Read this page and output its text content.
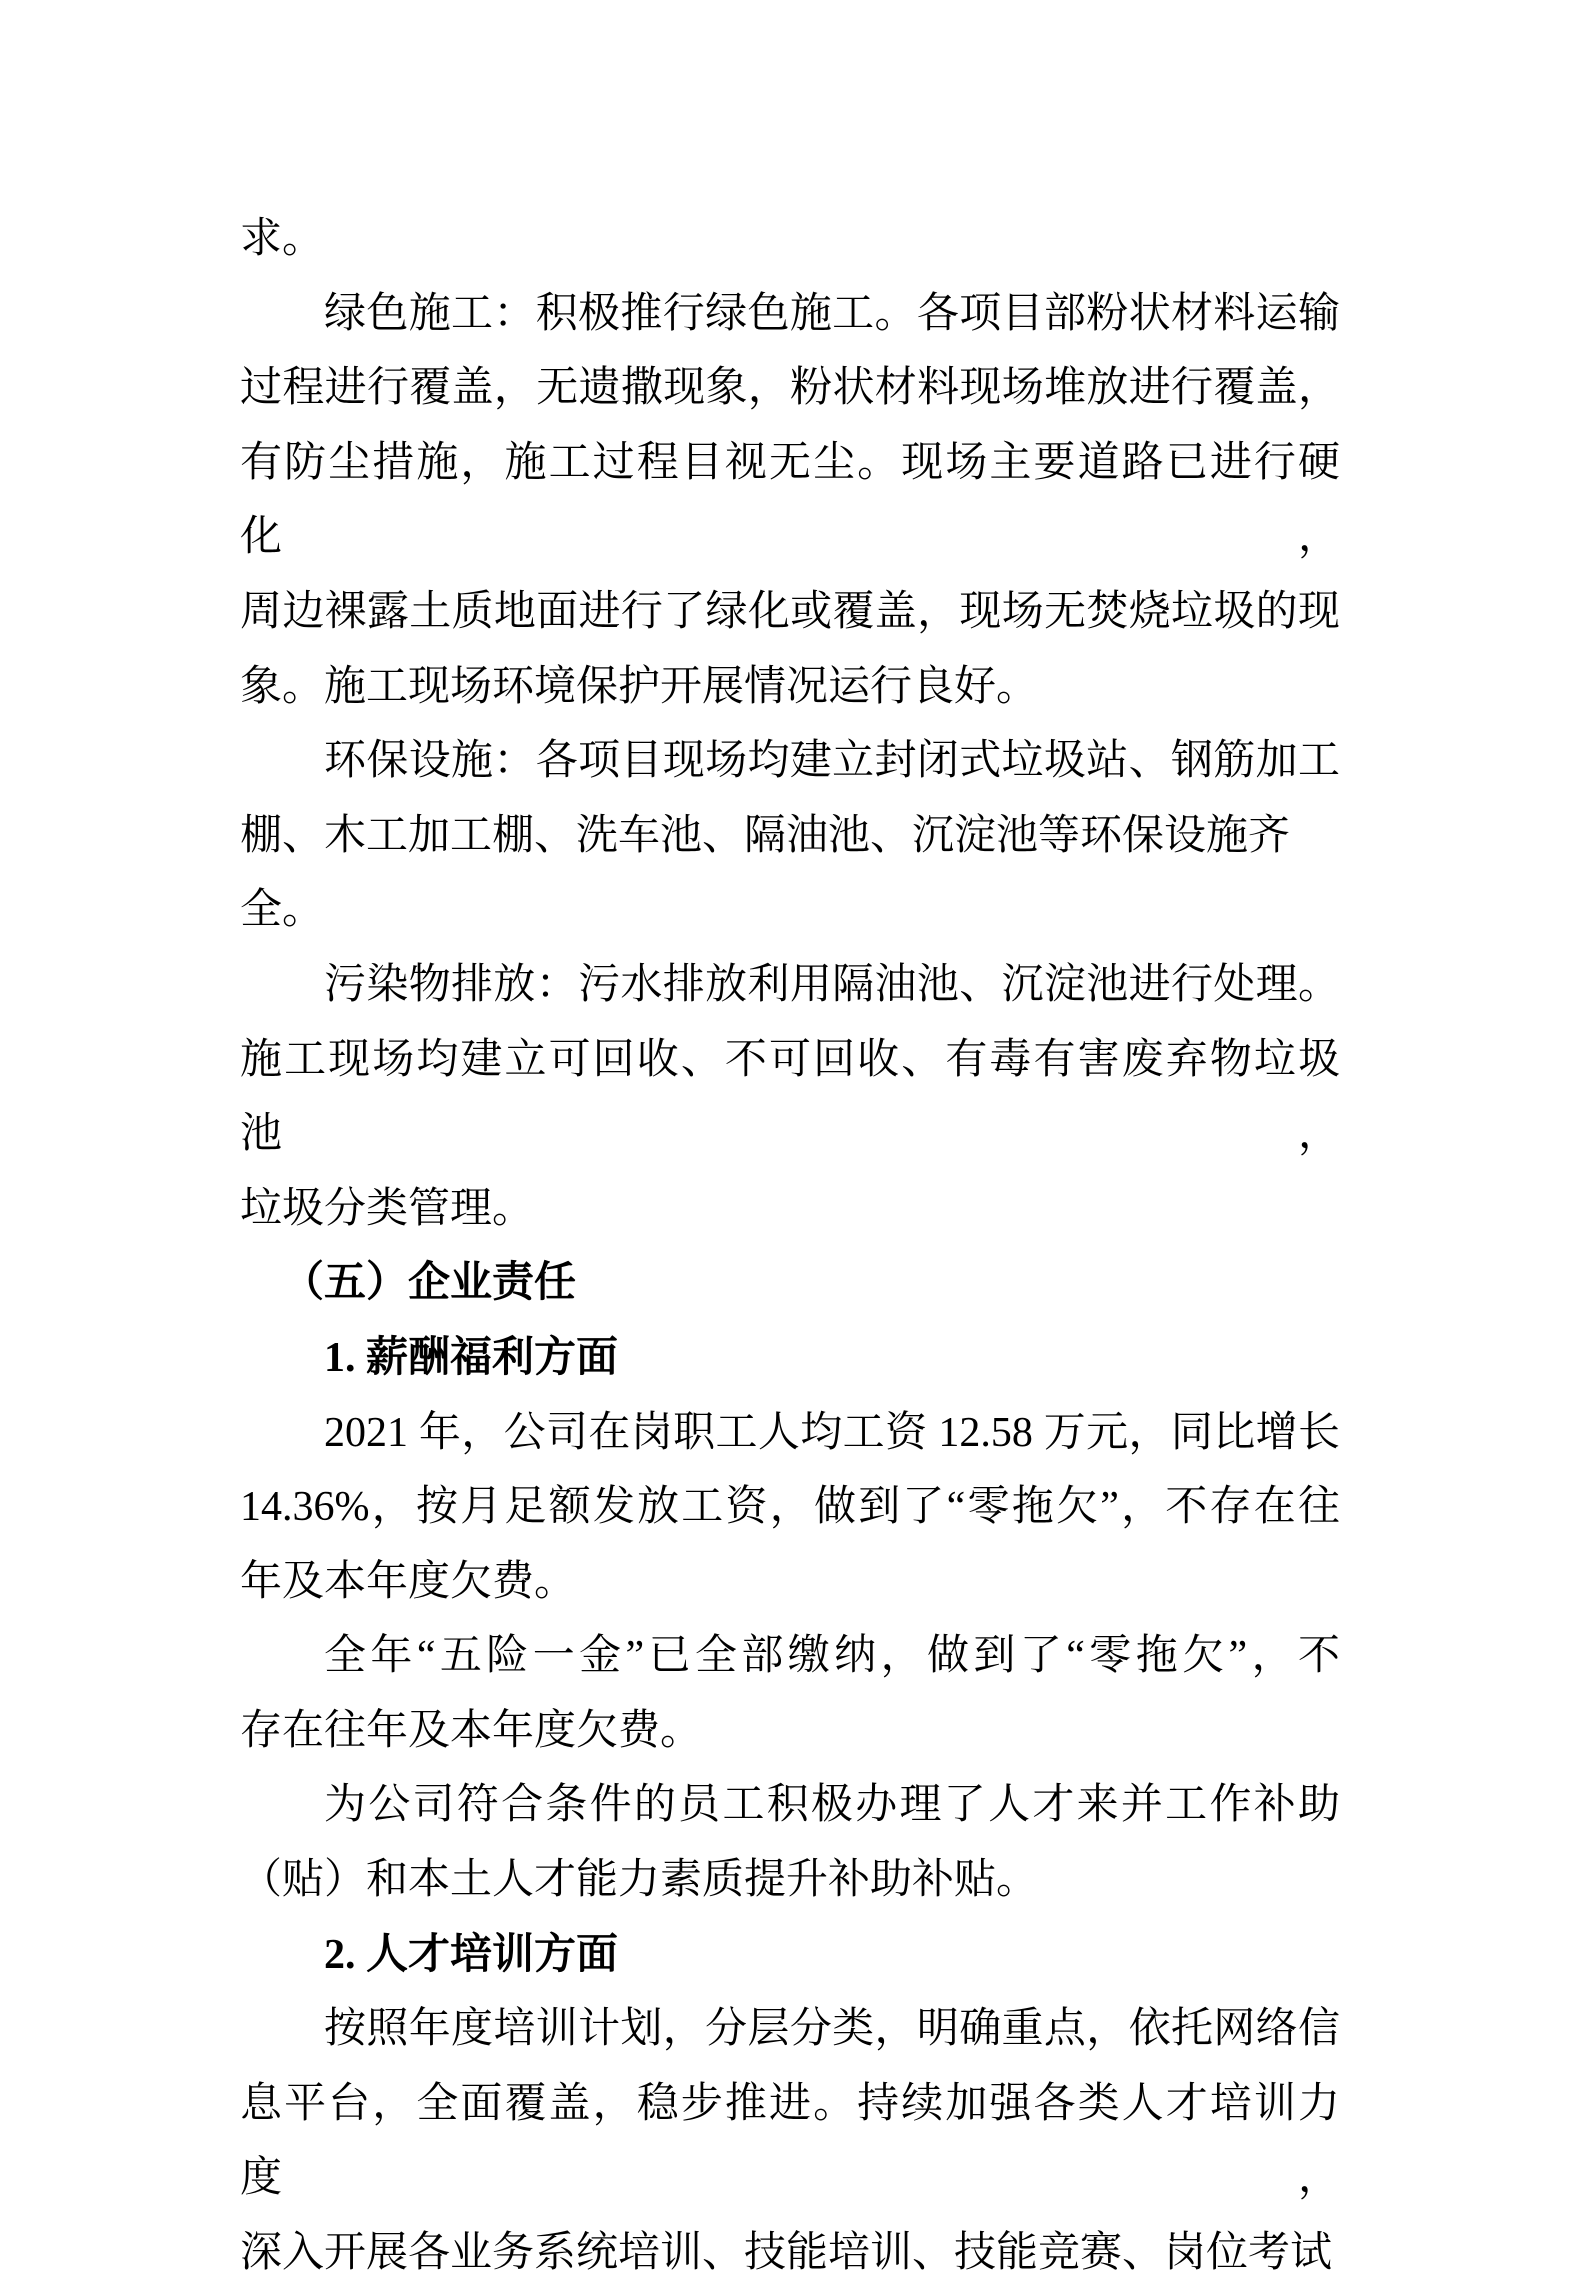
求。
绿色施工：积极推行绿色施工。各项目部粉状材料运输
过程进行覆盖，无遗撒现象，粉状材料现场堆放进行覆盖，
有防尘措施，施工过程目视无尘。现场主要道路已进行硬化，
周边裸露土质地面进行了绿化或覆盖，现场无焚烧垃圾的现
象。施工现场环境保护开展情况运行良好。
环保设施：各项目现场均建立封闭式垃圾站、钢筋加工
棚、木工加工棚、洗车池、隔油池、沉淀池等环保设施齐全。
污染物排放：污水排放利用隔油池、沉淀池进行处理。
施工现场均建立可回收、不可回收、有毒有害废弃物垃圾池，
垃圾分类管理。
（五）企业责任
1. 薪酬福利方面
2021 年，公司在岗职工人均工资 12.58 万元，同比增长
14.36%，按月足额发放工资，做到了“零拖欠”，不存在往
年及本年度欠费。
全年“五险一金”已全部缴纳，做到了“零拖欠”，不
存在往年及本年度欠费。
为公司符合条件的员工积极办理了人才来并工作补助
（贴）和本土人才能力素质提升补助补贴。
2. 人才培训方面
按照年度培训计划，分层分类，明确重点，依托网络信
息平台，全面覆盖，稳步推进。持续加强各类人才培训力度，
深入开展各业务系统培训、技能培训、技能竞赛、岗位考试
